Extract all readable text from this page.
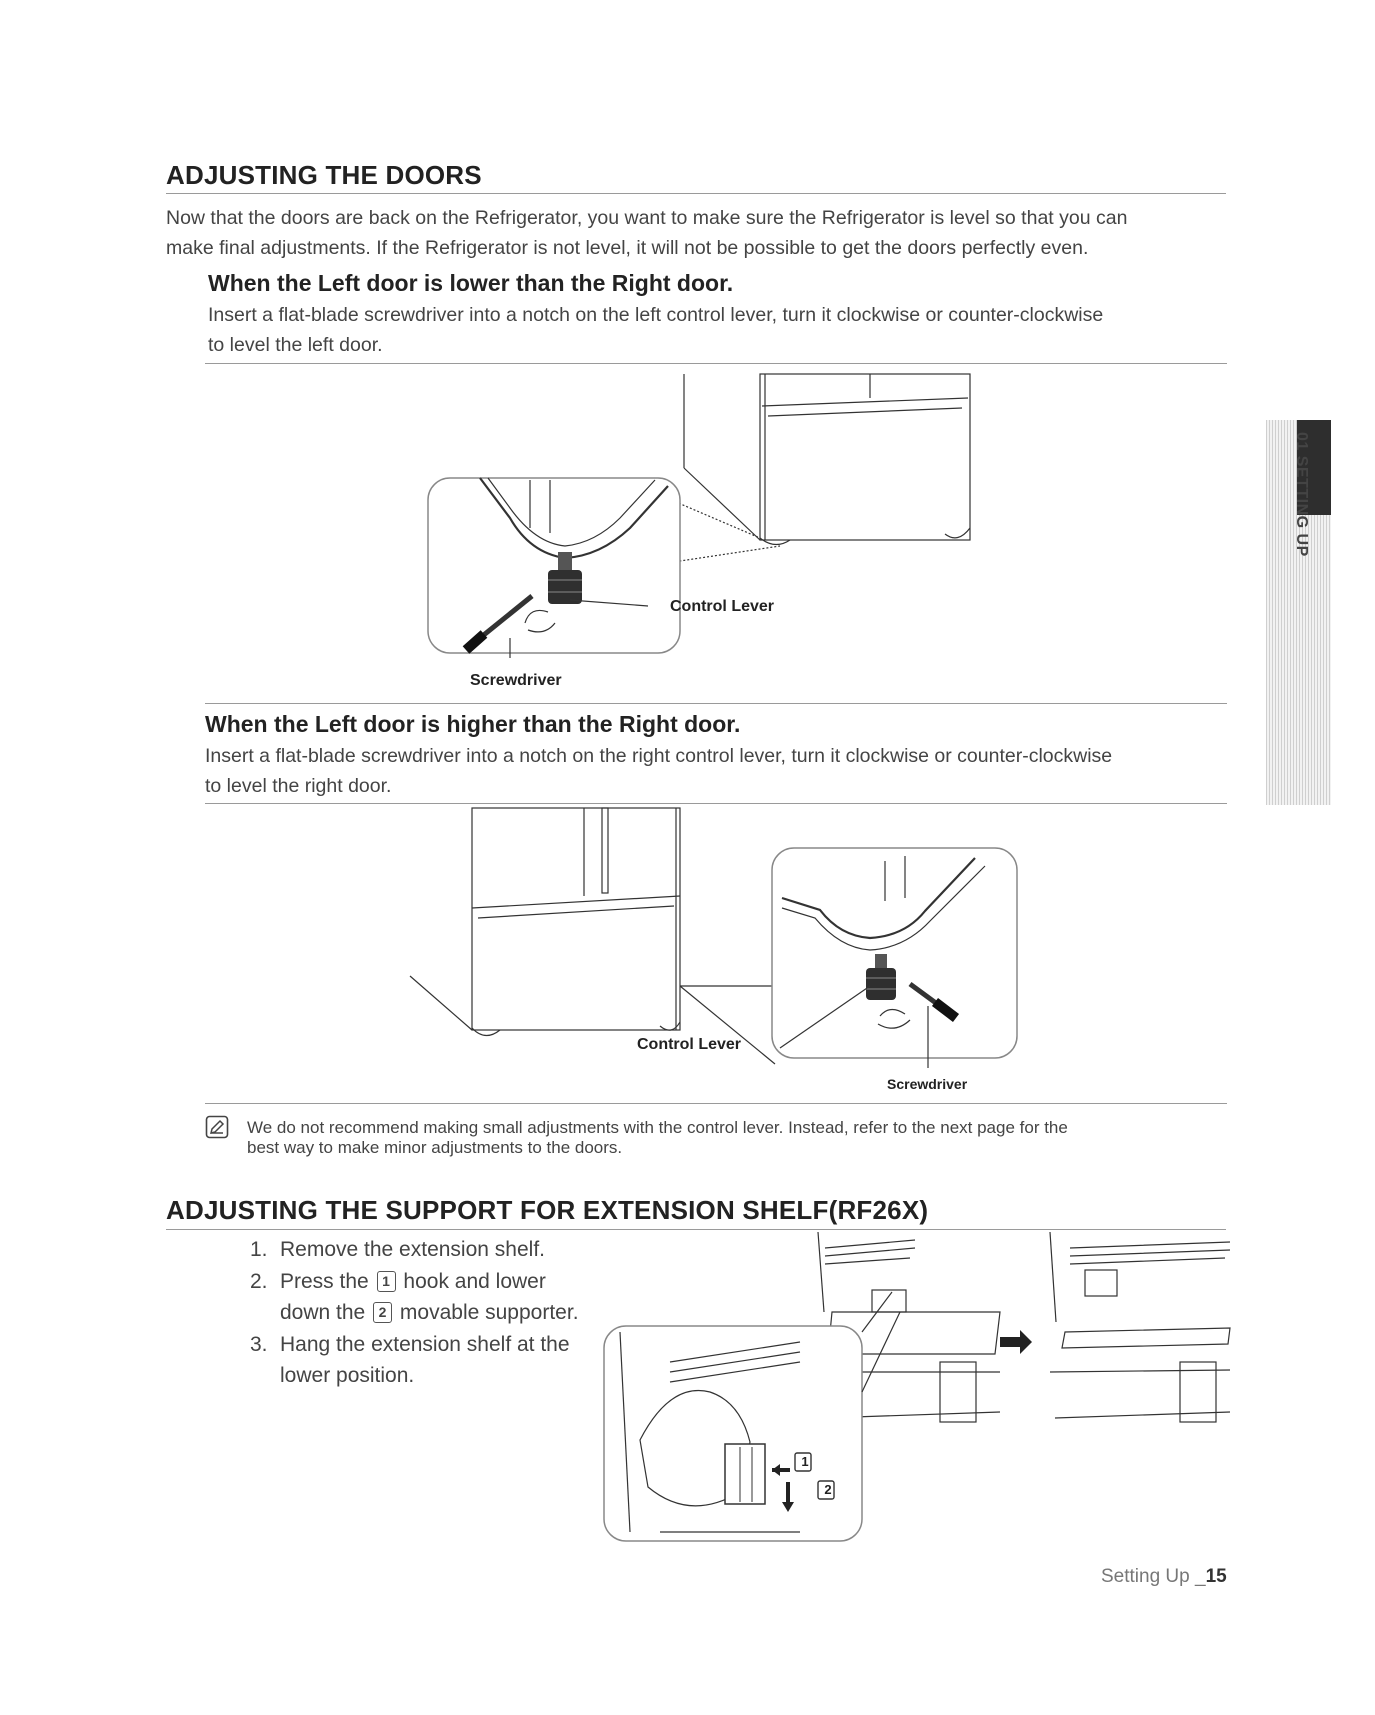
ADJUSTING THE DOORS
Now that the doors are back on the Refrigerator, you want to make sure the Refrigerator is level so that you can
make final adjustments. If the Refrigerator is not level, it will not be possible to get the doors perfectly even.
When the Left door is lower than the Right door.
Insert a flat-blade screwdriver into a notch on the left control lever, turn it clockwise or counter-clockwise
to level the left door.
Control Lever
Screwdriver
When the Left door is higher than the Right door.
Insert a flat-blade screwdriver into a notch on the right control lever, turn it clockwise or counter-clockwise
to level the right door.
Control Lever
Screwdriver
We do not recommend making small adjustments with the control lever. Instead, refer to the next page for the
best way to make minor adjustments to the doors.
ADJUSTING THE SUPPORT FOR EXTENSION SHELF(RF26X)
1. Remove the extension shelf.
2. Press the 1 hook and lower
down the 2 movable supporter.
3. Hang the extension shelf at the
lower position.
1
2
01 SETTING UP
Setting Up _15
